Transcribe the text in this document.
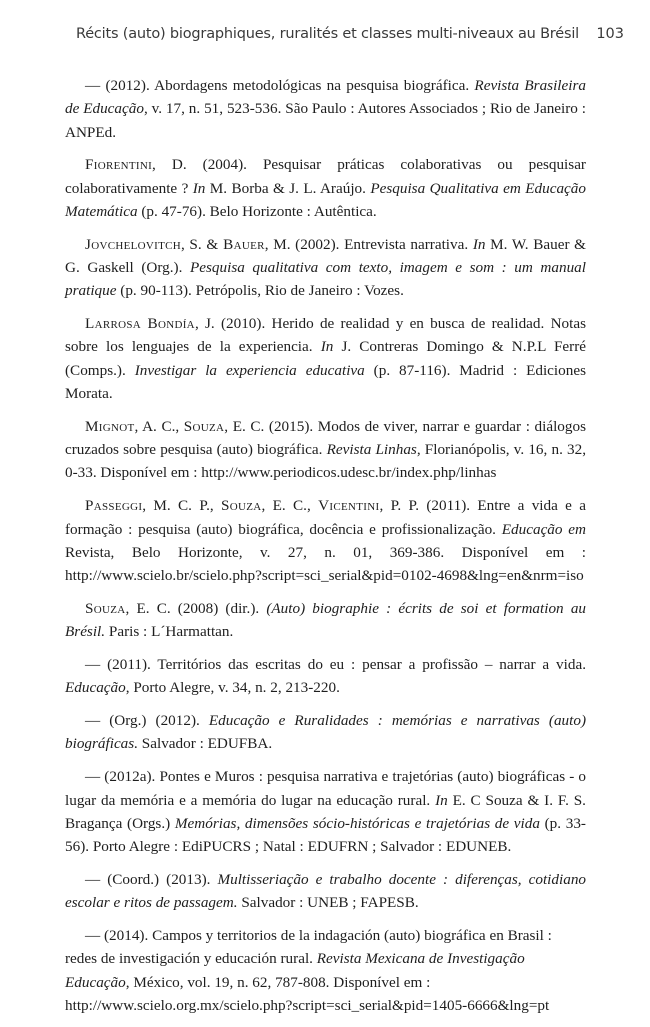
Récits (auto) biographiques, ruralités et classes multi-niveaux au Brésil 103

— (2012). Abordagens metodológicas na pesquisa biográfica. Revista Brasileira de Educação, v. 17, n. 51, 523-536. São Paulo : Autores Associados ; Rio de Janeiro : ANPEd.

Fiorentini, D. (2004). Pesquisar práticas colaborativas ou pesquisar colaborativamente ? In M. Borba & J. L. Araújo. Pesquisa Qualitativa em Educação Matemática (p. 47-76). Belo Horizonte : Autêntica.

Jovchelovitch, S. & Bauer, M. (2002). Entrevista narrativa. In M. W. Bauer & G. Gaskell (Org.). Pesquisa qualitativa com texto, imagem e som : um manual pratique (p. 90-113). Petrópolis, Rio de Janeiro : Vozes.

Larrosa Bondía, J. (2010). Herido de realidad y en busca de realidad. Notas sobre los lenguajes de la experiencia. In J. Contreras Domingo & N.P.L Ferré (Comps.). Investigar la experiencia educativa (p. 87-116). Madrid : Ediciones Morata.

Mignot, A. C., Souza, E. C. (2015). Modos de viver, narrar e guardar : diálogos cruzados sobre pesquisa (auto) biográfica. Revista Linhas, Florianópolis, v. 16, n. 32, 0-33. Disponível em : http://www.periodicos.udesc.br/index.php/linhas

Passeggi, M. C. P., Souza, E. C., Vicentini, P. P. (2011). Entre a vida e a formação : pesquisa (auto) biográfica, docência e profissionalização. Educação em Revista, Belo Horizonte, v. 27, n. 01, 369-386. Disponível em : http://www.scielo.br/scielo.php?script=sci_serial&pid=0102-4698&lng=en&nrm=iso

Souza, E. C. (2008) (dir.). (Auto) biographie : écrits de soi et formation au Brésil. Paris : L´Harmattan.

— (2011). Territórios das escritas do eu : pensar a profissão – narrar a vida. Educação, Porto Alegre, v. 34, n. 2, 213-220.

— (Org.) (2012). Educação e Ruralidades : memórias e narrativas (auto) biográficas. Salvador : EDUFBA.

— (2012a). Pontes e Muros : pesquisa narrativa e trajetórias (auto) biográficas - o lugar da memória e a memória do lugar na educação rural. In E. C Souza & I. F. S. Bragança (Orgs.) Memórias, dimensões sócio-históricas e trajetórias de vida (p. 33-56). Porto Alegre : EdiPUCRS ; Natal : EDUFRN ; Salvador : EDUNEB.

— (Coord.) (2013). Multisseriação e trabalho docente : diferenças, cotidiano escolar e ritos de passagem. Salvador : UNEB ; FAPESB.

— (2014). Campos y territorios de la indagación (auto) biográfica en Brasil : redes de investigación y educación rural. Revista Mexicana de Investigação Educação, México, vol. 19, n. 62, 787-808. Disponível em : http://www.scielo.org.mx/scielo.php?script=sci_serial&pid=1405-6666&lng=pt
